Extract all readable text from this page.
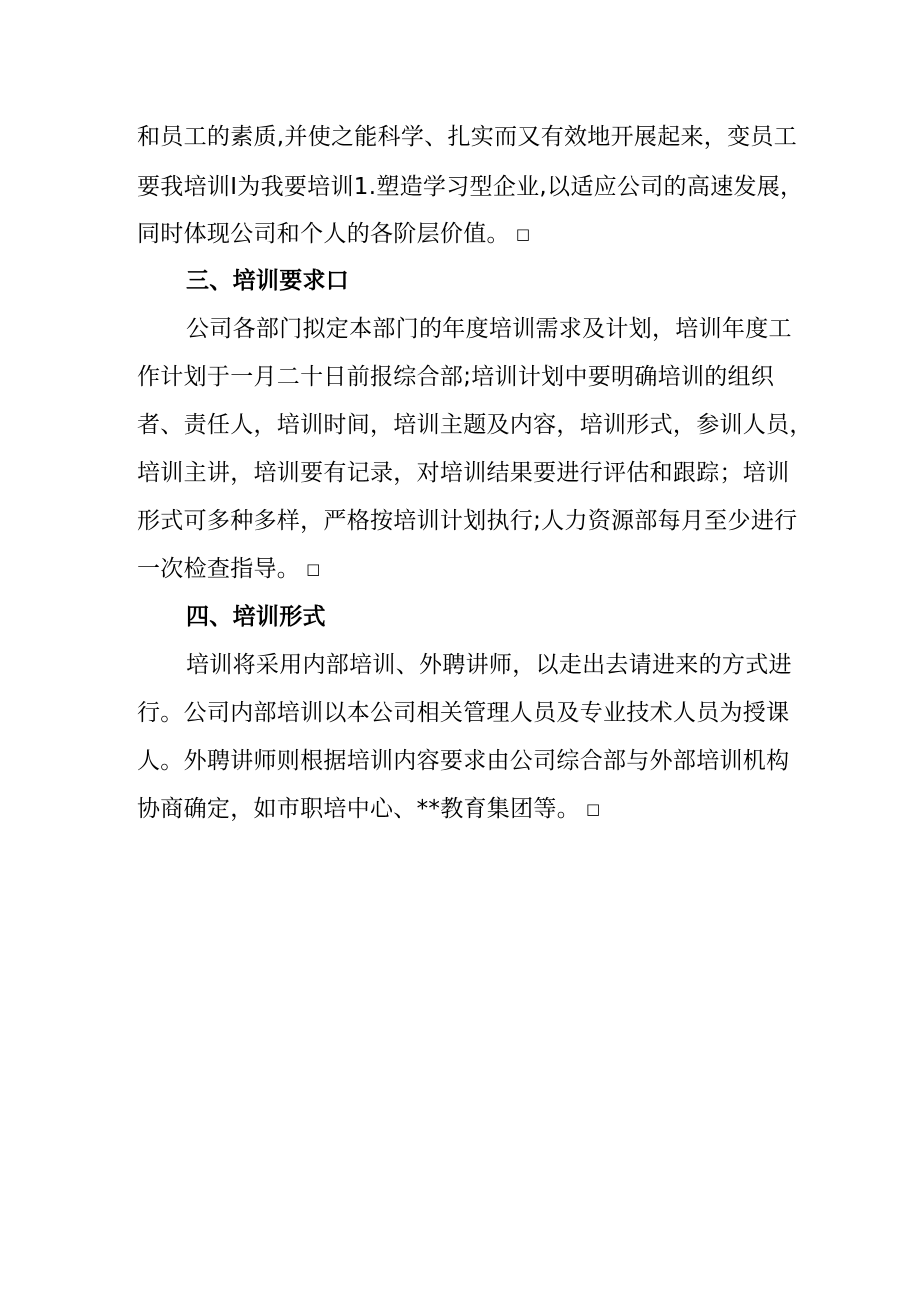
和员工的素质,并使之能科学、扎实而又有效地开展起来，变员工
要我培训I为我要培训1.塑造学习型企业,以适应公司的高速发展，
同时体现公司和个人的各阶层价值。 □
三、培训要求口
公司各部门拟定本部门的年度培训需求及计划，培训年度工
作计划于一月二十日前报综合部;培训计划中要明确培训的组织
者、责任人，培训时间，培训主题及内容，培训形式，参训人员，
培训主讲，培训要有记录，对培训结果要进行评估和跟踪；培训
形式可多种多样，严格按培训计划执行;人力资源部每月至少进行
一次检查指导。 □
四、培训形式
培训将采用内部培训、外聘讲师，以走出去请进来的方式进
行。公司内部培训以本公司相关管理人员及专业技术人员为授课
人。外聘讲师则根据培训内容要求由公司综合部与外部培训机构
协商确定，如市职培中心、**教育集团等。 □
